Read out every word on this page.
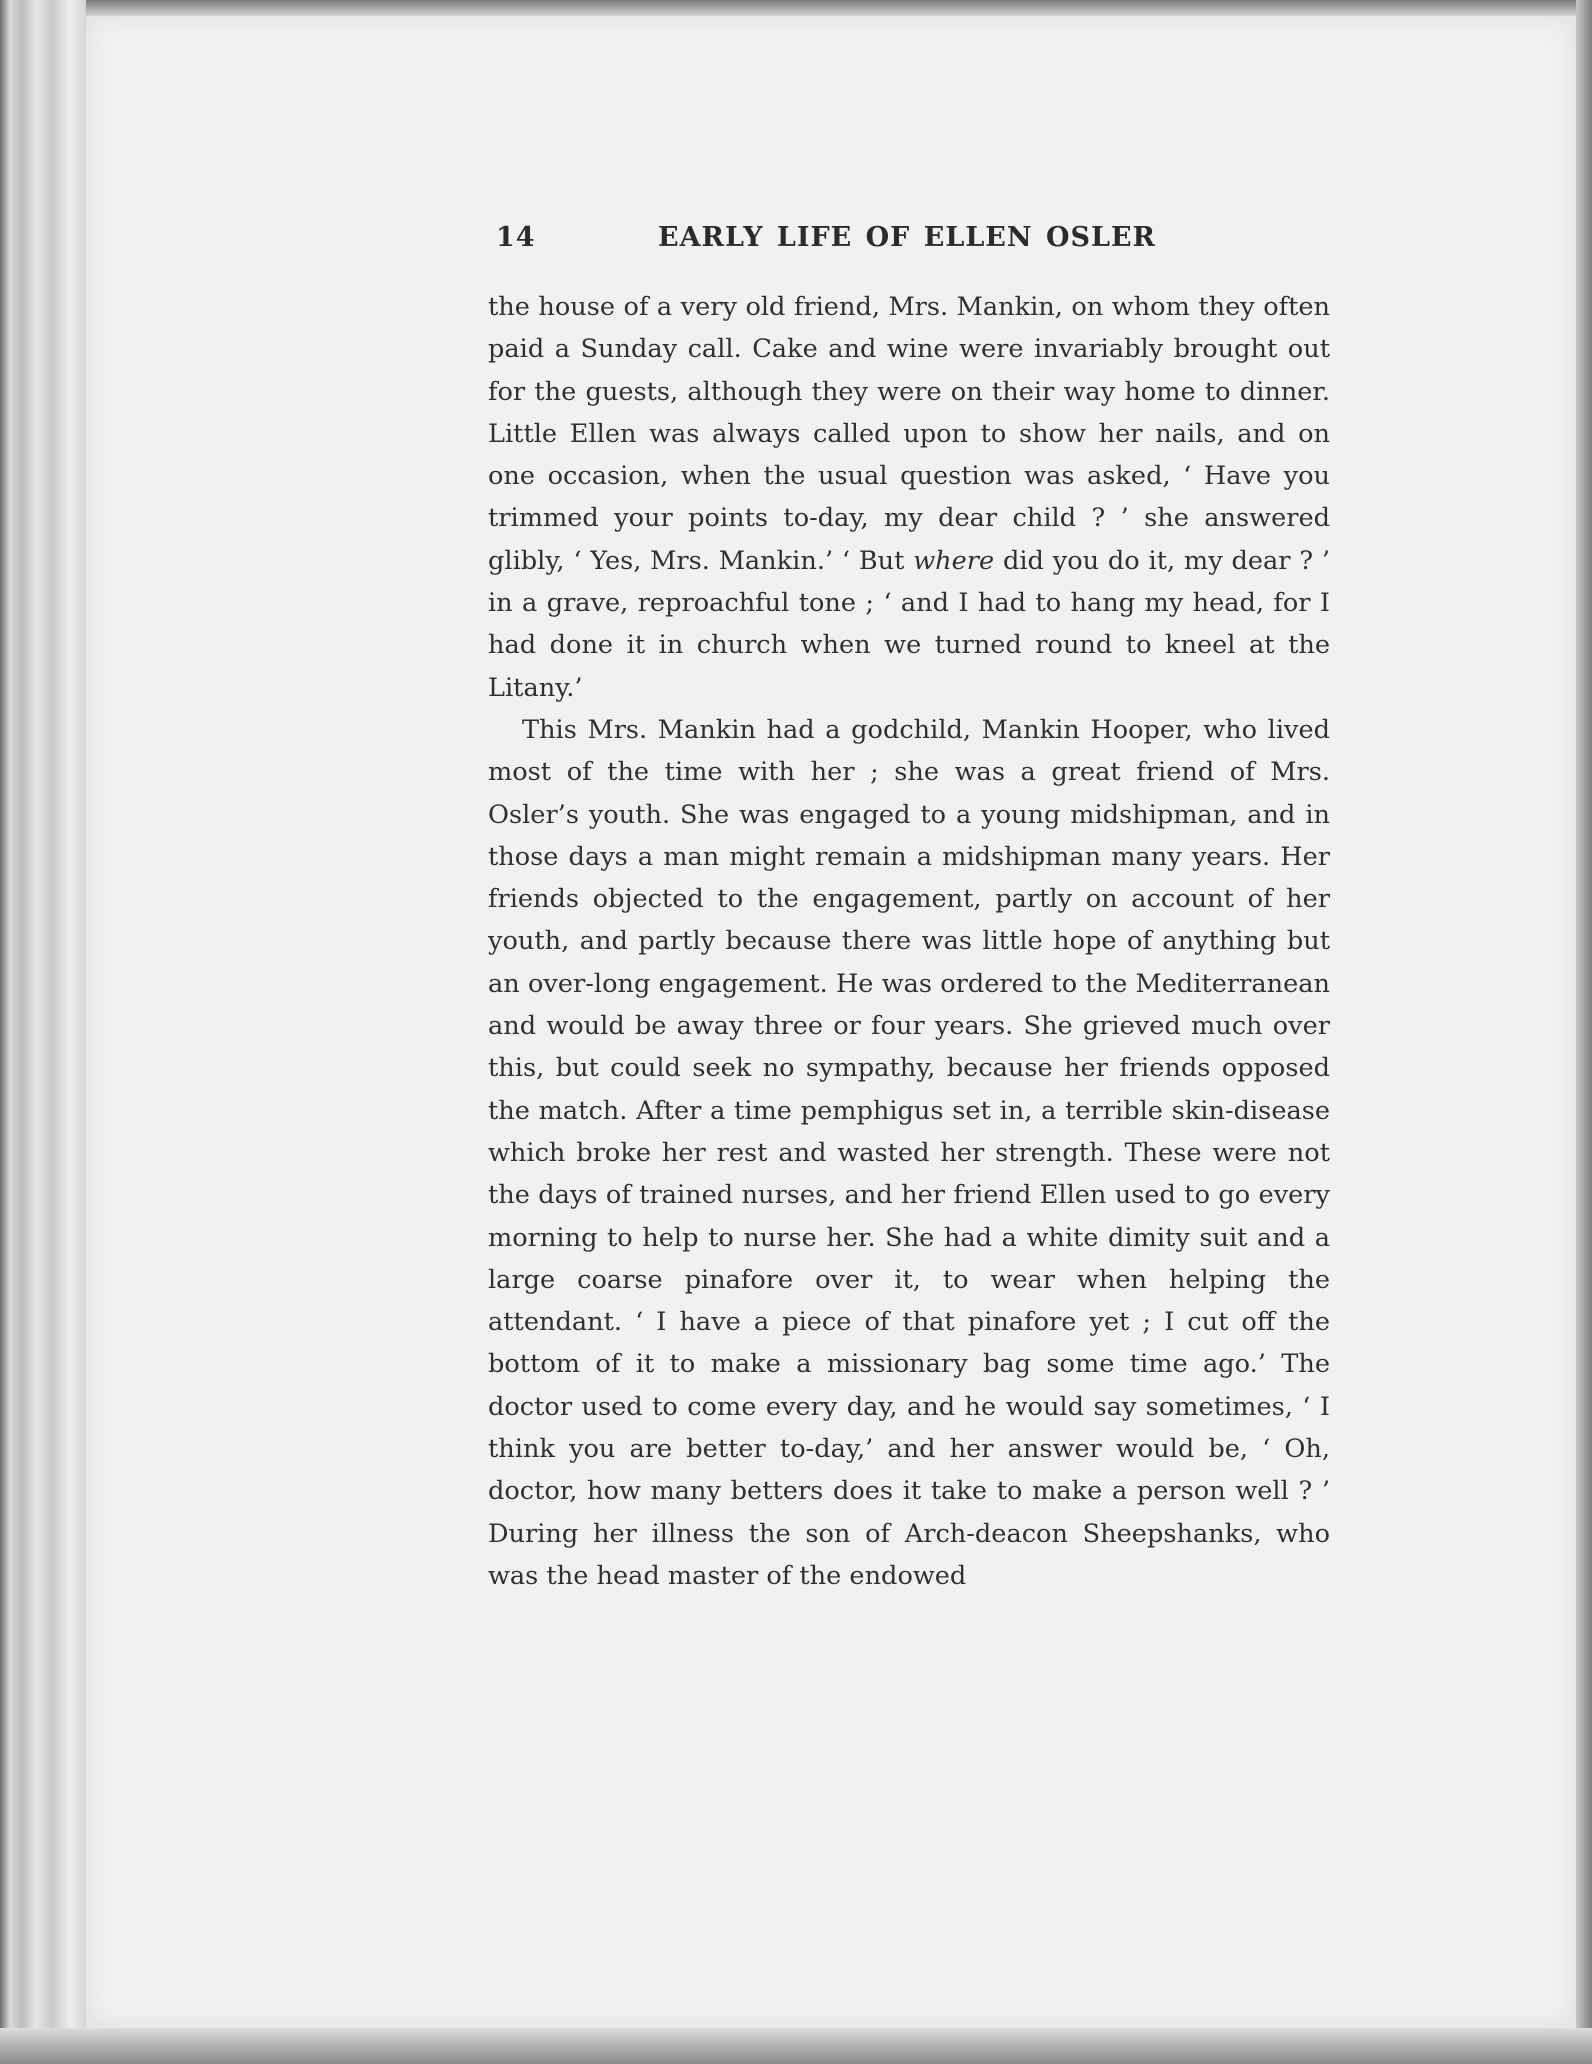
14	EARLY LIFE OF ELLEN OSLER

the house of a very old friend, Mrs. Mankin, on whom they often paid a Sunday call. Cake and wine were invariably brought out for the guests, although they were on their way home to dinner. Little Ellen was always called upon to show her nails, and on one occasion, when the usual question was asked, ‘ Have you trimmed your points to-day, my dear child ? ’ she answered glibly, ‘ Yes, Mrs. Mankin.’ ‘ But where did you do it, my dear ? ’ in a grave, reproachful tone ; ‘ and I had to hang my head, for I had done it in church when we turned round to kneel at the Litany.’

This Mrs. Mankin had a godchild, Mankin Hooper, who lived most of the time with her ; she was a great friend of Mrs. Osler’s youth. She was engaged to a young midshipman, and in those days a man might remain a midshipman many years. Her friends objected to the engagement, partly on account of her youth, and partly because there was little hope of anything but an over-long engagement. He was ordered to the Mediterranean and would be away three or four years. She grieved much over this, but could seek no sympathy, because her friends opposed the match. After a time pemphigus set in, a terrible skin-disease which broke her rest and wasted her strength. These were not the days of trained nurses, and her friend Ellen used to go every morning to help to nurse her. She had a white dimity suit and a large coarse pinafore over it, to wear when helping the attendant. ‘ I have a piece of that pinafore yet ; I cut off the bottom of it to make a missionary bag some time ago.’ The doctor used to come every day, and he would say sometimes, ‘ I think you are better to-day,’ and her answer would be, ‘ Oh, doctor, how many betters does it take to make a person well ? ’ During her illness the son of Arch-deacon Sheepshanks, who was the head master of the endowed
